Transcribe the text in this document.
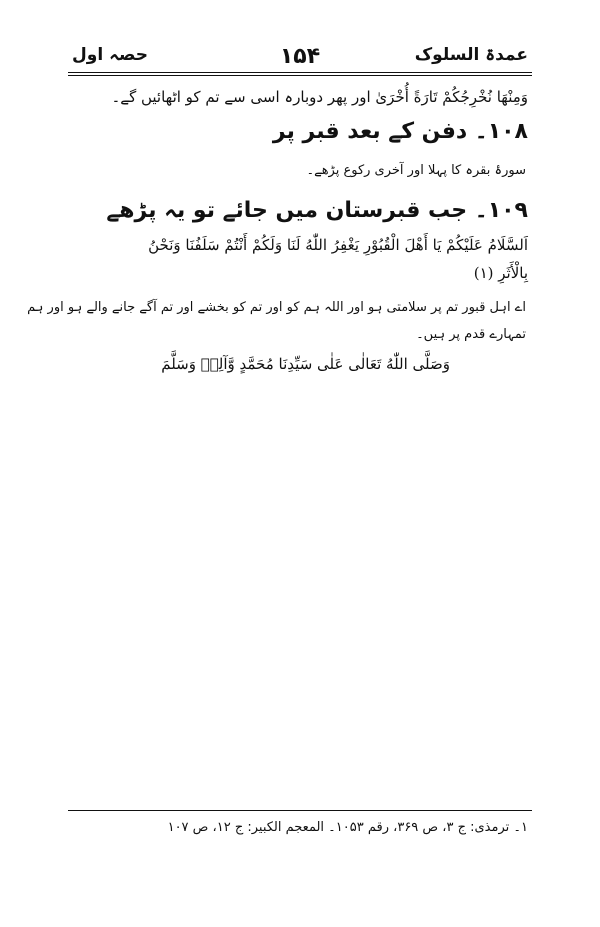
حصہ اول	۱۵۴	عمدۃ السلوک
وَمِنْهَا نُخْرِجُكُمْ تَارَةً أُخْرَىٰ اور پھر دوبارہ اسی سے تم کو اٹھائیں گے۔
۱۰۸۔ دفن کے بعد قبر پر
سورۂ بقرہ کا پہلا اور آخری رکوع پڑھے۔
۱۰۹۔ جب قبرستان میں جائے تو یہ پڑھے
اَلسَّلَامُ عَلَيْكُمْ يَا أَهْلَ الْقُبُوْرِ يَغْفِرُ اللّٰهُ لَنَا وَلَكُمْ أَنْتُمْ سَلَفُنَا وَنَحْنُ
بِالْأَثَرِ (۱)
اے اہل قبور تم پر سلامتی ہو اور اللہ ہم کو اور تم کو بخشے اور تم آگے جانے والے ہو اور ہم
تمہارے قدم پر ہیں۔
وَصَلَّى اللّٰهُ تَعَالٰى عَلٰى سَيِّدِنَا مُحَمَّدٍ وَّآلِهٖ وَسَلَّمَ
۱۔ ترمذی: ج ۳، ص ۳۶۹، رقم ۱۰۵۳۔ المعجم الکبیر: ج ۱۲، ص ۱۰۷
